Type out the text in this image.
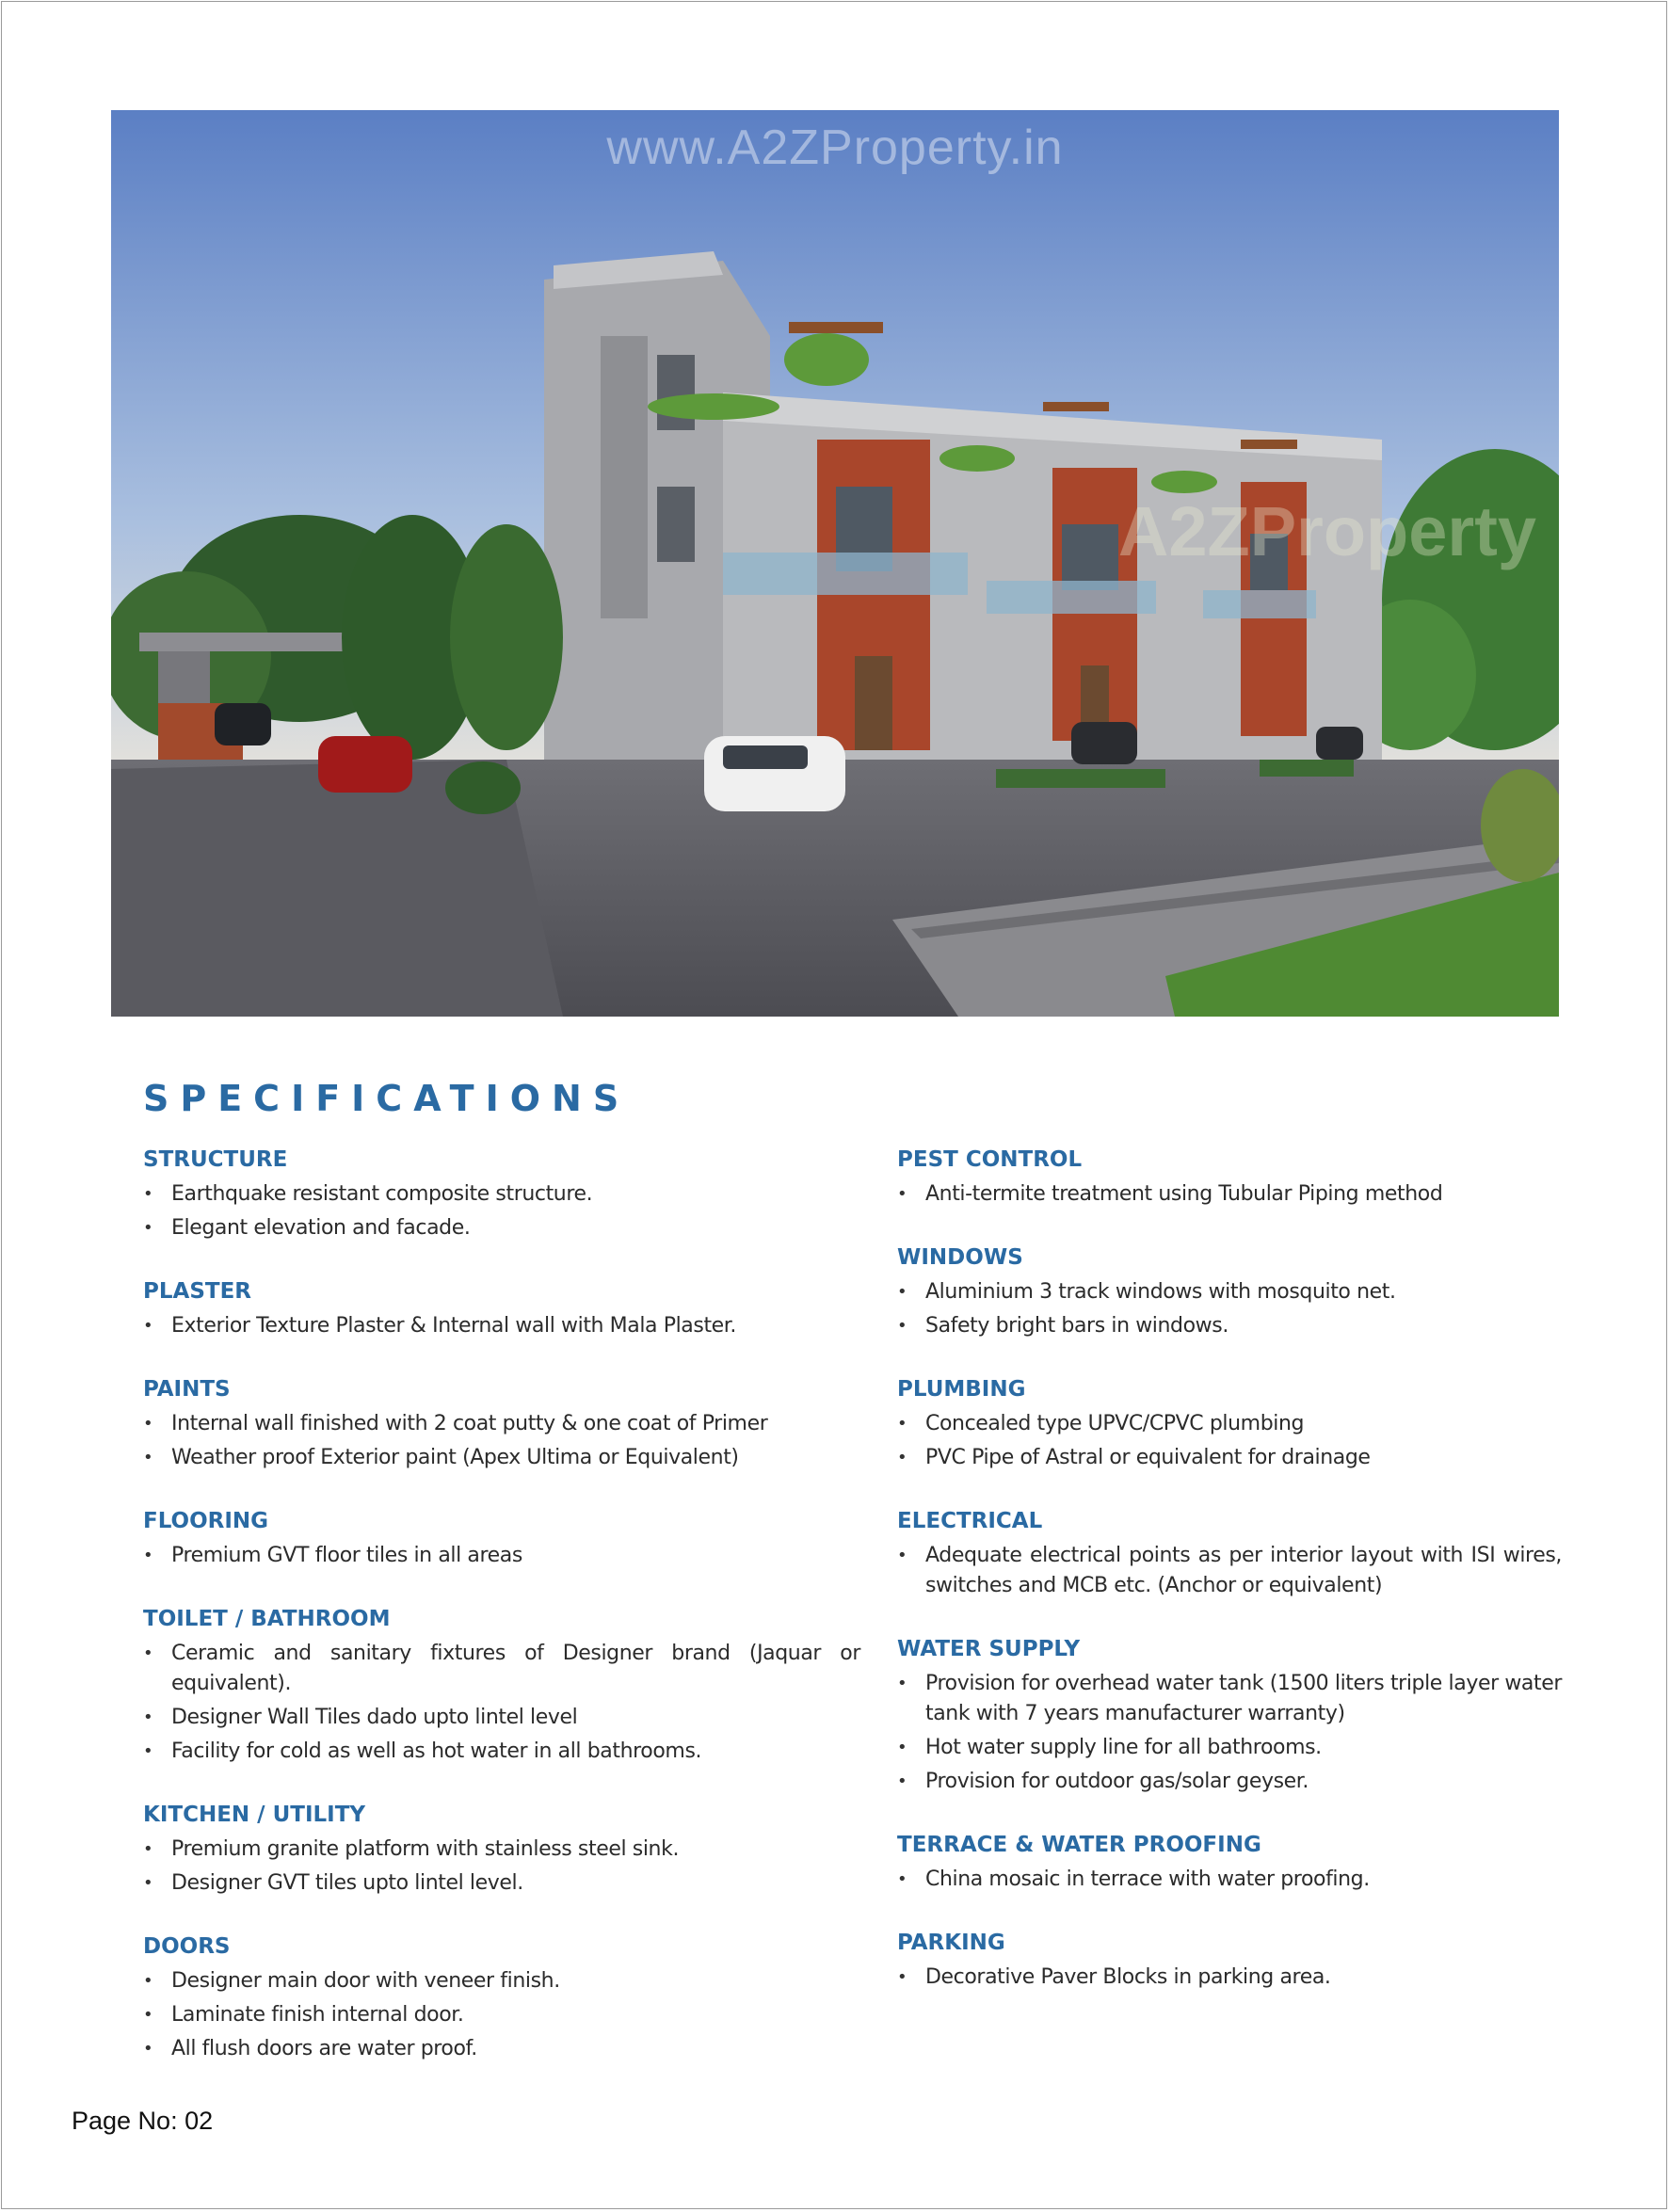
www.A2ZProperty.in
A2ZProperty
SPECIFICATIONS
STRUCTURE
• Earthquake resistant composite structure.
• Elegant elevation and facade.
PLASTER
• Exterior Texture Plaster & Internal wall with Mala Plaster.
PAINTS
• Internal wall finished with 2 coat putty & one coat of Primer
• Weather proof Exterior paint (Apex Ultima or Equivalent)
FLOORING
• Premium GVT floor tiles in all areas
TOILET / BATHROOM
• Ceramic and sanitary fixtures of Designer brand (Jaquar or equivalent).
• Designer Wall Tiles dado upto lintel level
• Facility for cold as well as hot water in all bathrooms.
KITCHEN / UTILITY
• Premium granite platform with stainless steel sink.
• Designer GVT tiles upto lintel level.
DOORS
• Designer main door with veneer finish.
• Laminate finish internal door.
• All flush doors are water proof.
PEST CONTROL
• Anti-termite treatment using Tubular Piping method
WINDOWS
• Aluminium 3 track windows with mosquito net.
• Safety bright bars in windows.
PLUMBING
• Concealed type UPVC/CPVC plumbing
• PVC Pipe of Astral or equivalent for drainage
ELECTRICAL
• Adequate electrical points as per interior layout with ISI wires, switches and MCB etc. (Anchor or equivalent)
WATER SUPPLY
• Provision for overhead water tank (1500 liters triple layer water tank with 7 years manufacturer warranty)
• Hot water supply line for all bathrooms.
• Provision for outdoor gas/solar geyser.
TERRACE & WATER PROOFING
• China mosaic in terrace with water proofing.
PARKING
• Decorative Paver Blocks in parking area.
Page No: 02
